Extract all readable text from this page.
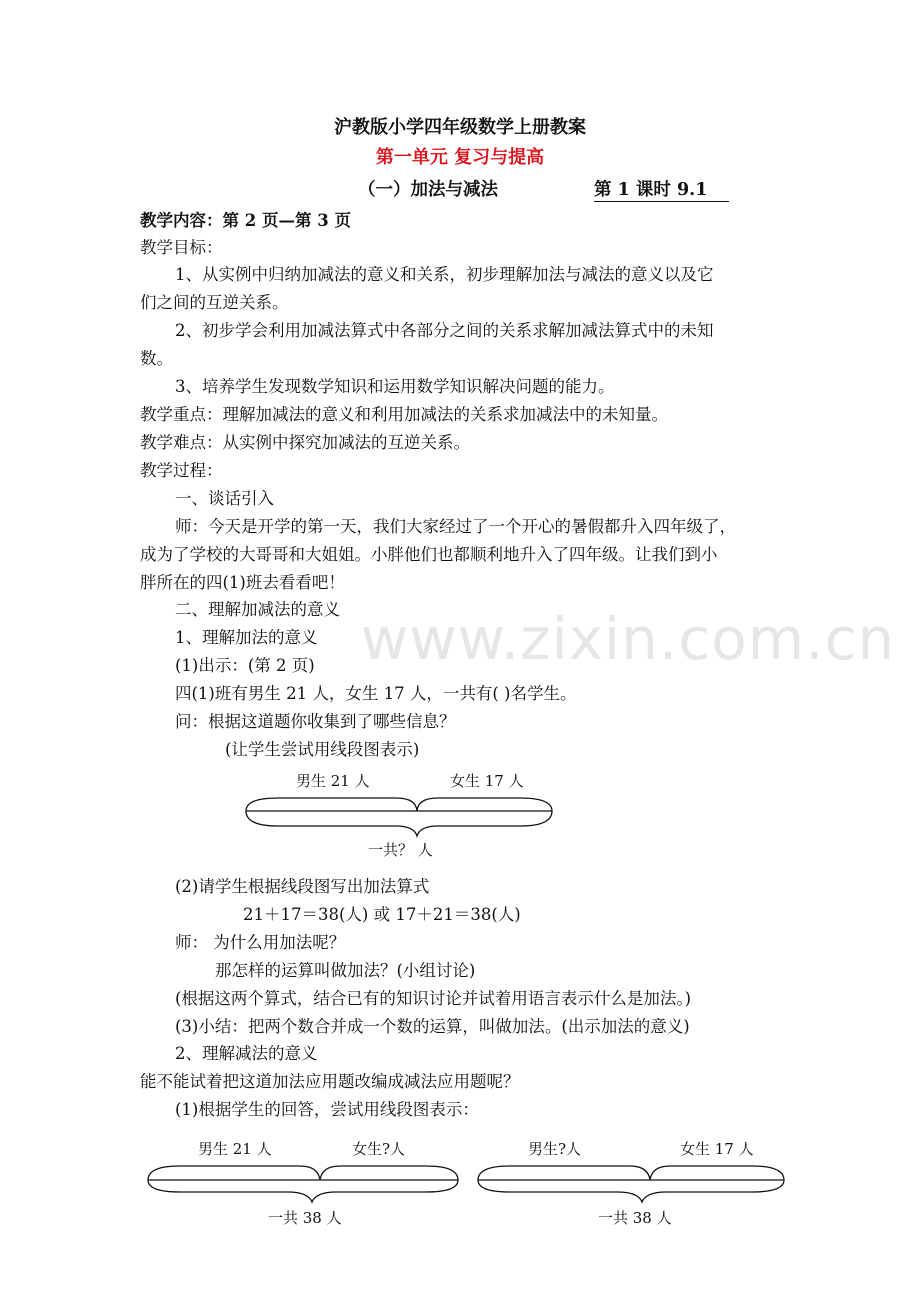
www.zixin.com.cn
沪教版小学四年级数学上册教案
第一单元 复习与提高
（一）加法与减法	第 1 课时 9.1
教学内容：第 2 页—第 3 页
教学目标：
1、从实例中归纳加减法的意义和关系，初步理解加法与减法的意义以及它
们之间的互逆关系。
2、初步学会利用加减法算式中各部分之间的关系求解加减法算式中的未知
数。
3、培养学生发现数学知识和运用数学知识解决问题的能力。
教学重点：理解加减法的意义和利用加减法的关系求加减法中的未知量。
教学难点：从实例中探究加减法的互逆关系。
教学过程：
一、谈话引入
师：今天是开学的第一天，我们大家经过了一个开心的暑假都升入四年级了，
成为了学校的大哥哥和大姐姐。小胖他们也都顺利地升入了四年级。让我们到小
胖所在的四(1)班去看看吧！
二、理解加减法的意义
1、理解加法的意义
(1)出示：(第 2 页)
四(1)班有男生 21 人，女生 17 人，一共有( )名学生。
问：根据这道题你收集到了哪些信息？
(让学生尝试用线段图表示)
男生 21 人	女生 17 人
一共？ 人
(2)请学生根据线段图写出加法算式
21＋17＝38(人) 或 17＋21＝38(人)
师： 为什么用加法呢？
那怎样的运算叫做加法？(小组讨论)
(根据这两个算式，结合已有的知识讨论并试着用语言表示什么是加法。)
(3)小结：把两个数合并成一个数的运算，叫做加法。(出示加法的意义)
2、理解减法的意义
能不能试着把这道加法应用题改编成减法应用题呢？
(1)根据学生的回答，尝试用线段图表示：
男生 21 人	女生?人
一共 38 人
男生?人	女生 17 人
一共 38 人
